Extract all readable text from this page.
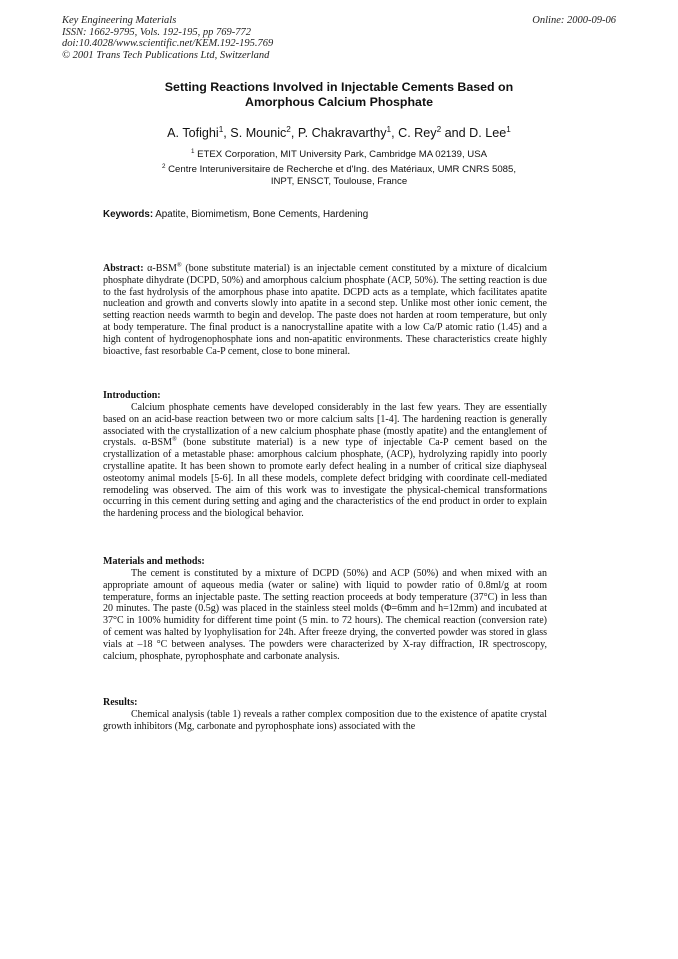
Key Engineering Materials
ISSN: 1662-9795, Vols. 192-195, pp 769-772
doi:10.4028/www.scientific.net/KEM.192-195.769
© 2001 Trans Tech Publications Ltd, Switzerland
Online: 2000-09-06
Setting Reactions Involved in Injectable Cements Based on
Amorphous Calcium Phosphate
A. Tofighi$^1$, S. Mounic$^2$, P. Chakravarthy$^1$, C. Rey$^2$ and D. Lee$^1$
$^1$ ETEX Corporation, MIT University Park, Cambridge MA 02139, USA
$^2$ Centre Interuniversitaire de Recherche et d'Ing. des Matériaux, UMR CNRS 5085,
INPT, ENSCT, Toulouse, France
Keywords: Apatite, Biomimetism, Bone Cements, Hardening

Abstract: α-BSM® (bone substitute material) is an injectable cement constituted by a mixture of dicalcium phosphate dihydrate (DCPD, 50%) and amorphous calcium phosphate (ACP, 50%). The setting reaction is due to the fast hydrolysis of the amorphous phase into apatite. DCPD acts as a template, which facilitates apatite nucleation and growth and converts slowly into apatite in a second step. Unlike most other ionic cement, the setting reaction needs warmth to begin and develop. The paste does not harden at room temperature, but only at body temperature. The final product is a nanocrystalline apatite with a low Ca/P atomic ratio (1.45) and a high content of hydrogenophosphate ions and non-apatitic environments. These characteristics create highly bioactive, fast resorbable Ca-P cement, close to bone mineral.

Introduction:

Calcium phosphate cements have developed considerably in the last few years. They are essentially based on an acid-base reaction between two or more calcium salts [1-4]. The hardening reaction is generally associated with the crystallization of a new calcium phosphate phase (mostly apatite) and the entanglement of crystals. α-BSM® (bone substitute material) is a new type of injectable Ca-P cement based on the crystallization of a metastable phase: amorphous calcium phosphate, (ACP), hydrolyzing rapidly into poorly crystalline apatite. It has been shown to promote early defect healing in a number of critical size diaphyseal osteotomy animal models [5-6]. In all these models, complete defect bridging with coordinate cell-mediated remodeling was observed. The aim of this work was to investigate the physical-chemical transformations occurring in this cement during setting and aging and the characteristics of the end product in order to explain the hardening process and the biological behavior.

Materials and methods:

The cement is constituted by a mixture of DCPD (50%) and ACP (50%) and when mixed with an appropriate amount of aqueous media (water or saline) with liquid to powder ratio of 0.8ml/g at room temperature, forms an injectable paste. The setting reaction proceeds at body temperature (37°C) in less than 20 minutes. The paste (0.5g) was placed in the stainless steel molds (Φ=6mm and h=12mm) and incubated at 37°C in 100% humidity for different time point (5 min. to 72 hours). The chemical reaction (conversion rate) of cement was halted by lyophylisation for 24h. After freeze drying, the converted powder was stored in glass vials at –18 °C between analyses. The powders were characterized by X-ray diffraction, IR spectroscopy, calcium, phosphate, pyrophosphate and carbonate analysis.

Results:

Chemical analysis (table 1) reveals a rather complex composition due to the existence of apatite crystal growth inhibitors (Mg, carbonate and pyrophosphate ions) associated with the
